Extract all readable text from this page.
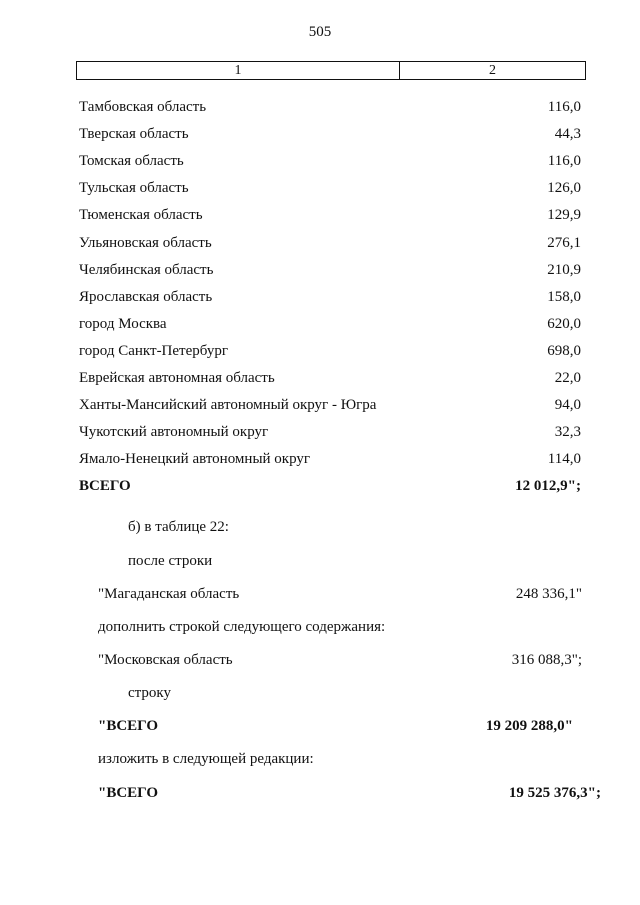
505
1	2
Тамбовская область	116,0
Тверская область	44,3
Томская область	116,0
Тульская область	126,0
Тюменская область	129,9
Ульяновская область	276,1
Челябинская область	210,9
Ярославская область	158,0
город Москва	620,0
город Санкт-Петербург	698,0
Еврейская автономная область	22,0
Ханты-Мансийский автономный округ - Югра	94,0
Чукотский автономный округ	32,3
Ямало-Ненецкий автономный округ	114,0
ВСЕГО	12 012,9";
б) в таблице 22:
после строки
"Магаданская область	248 336,1"
дополнить строкой следующего содержания:
"Московская область	316 088,3";
строку
"ВСЕГО	19 209 288,0"
изложить в следующей редакции:
"ВСЕГО	19 525 376,3";
